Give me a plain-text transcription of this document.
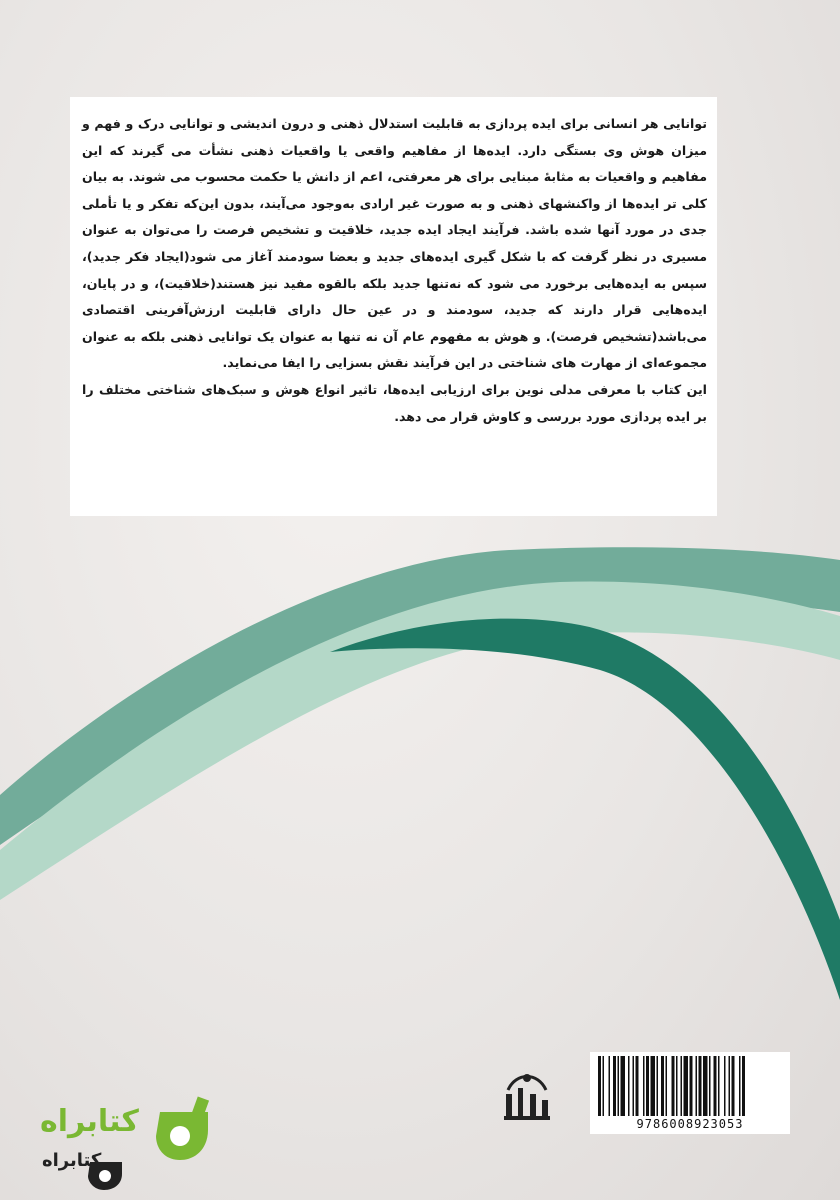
توانایی هر انسانی برای ایده پردازی به قابلیت استدلال ذهنی و درون اندیشی و توانایی درک و فهم و میزان هوش وی بستگی دارد. ایده‌ها از مفاهیم واقعی یا واقعیات ذهنی نشأت می گیرند که این مفاهیم و واقعیات به مثابهٔ مبنایی برای هر معرفتی، اعم از دانش یا حکمت محسوب می شوند. به بیان کلی تر ایده‌ها از واکنشهای ذهنی و به صورت غیر ارادی به‌وجود می‌آیند، بدون این‌که تفکر و یا تأملی جدی در مورد آنها شده باشد. فرآیند ایجاد ایده جدید، خلاقیت و تشخیص فرصت را می‌توان به عنوان مسیری در نظر گرفت که با شکل گیری ایده‌های جدید و بعضا سودمند آغاز می شود(ایجاد فکر جدید)، سپس به ایده‌هایی برخورد می شود که نه‌تنها جدید بلکه بالقوه مفید نیز هستند(خلاقیت)، و در پایان، ایده‌هایی قرار دارند که جدید، سودمند و در عین حال دارای قابلیت ارزش‌آفرینی اقتصادی می‌باشد(تشخیص فرصت). و هوش به مفهوم عام آن نه تنها به عنوان یک توانایی ذهنی بلکه به عنوان مجموعه‌ای از مهارت های شناختی در این فرآیند نقش بسزایی را ایفا می‌نماید.

این کتاب با معرفی مدلی نوین برای ارزیابی ایده‌ها، تاثیر انواع هوش و سبک‌های شناختی مختلف را بر ایده پردازی مورد بررسی و کاوش قرار می دهد.

9786008923053
کتابراه
کتابراه
